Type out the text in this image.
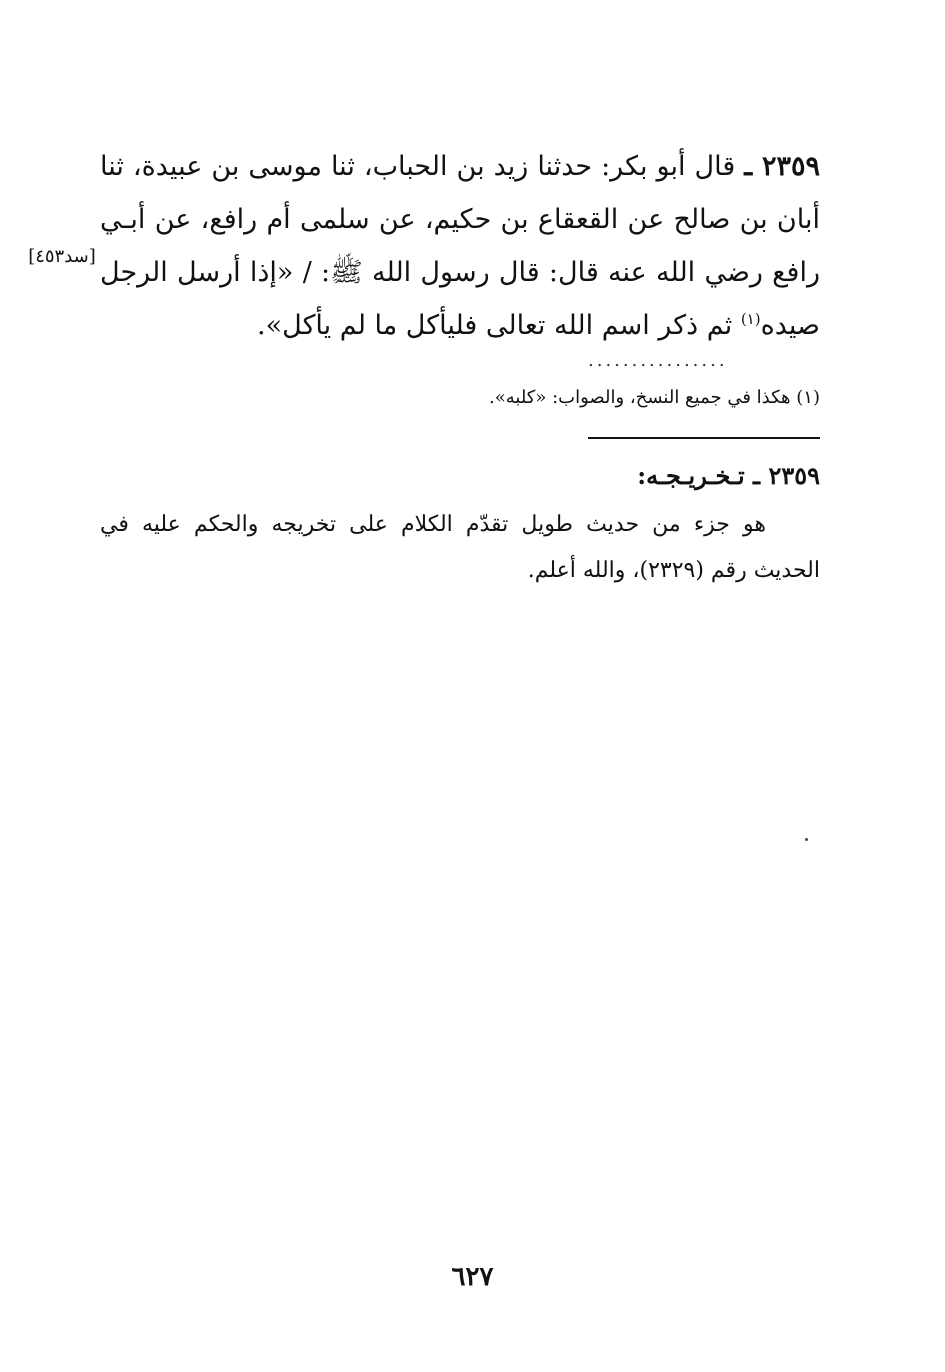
٢٣٥٩ ـ قال أبو بكر: حدثنا زيد بن الحباب، ثنا موسى بن عبيدة، ثنا أبان بن صالح عن القعقاع بن حكيم، عن سلمى أم رافع، عن أبـي رافع رضي الله عنه قال: قال رسول الله ﷺ: / «إذا أرسل الرجل صيده$^{(١)}$ ثم ذكر اسم الله تعالى فليأكل ما لم يأكل».
[سد٤٥٣]
................
(١) هكذا في جميع النسخ، والصواب: «كلبه».
٢٣٥٩ ـ تـخـريـجـه:
هو جزء من حديث طويل تقدّم الكلام على تخريجه والحكم عليه في الحديث رقم (٢٣٢٩)، والله أعلم.
٦٢٧
